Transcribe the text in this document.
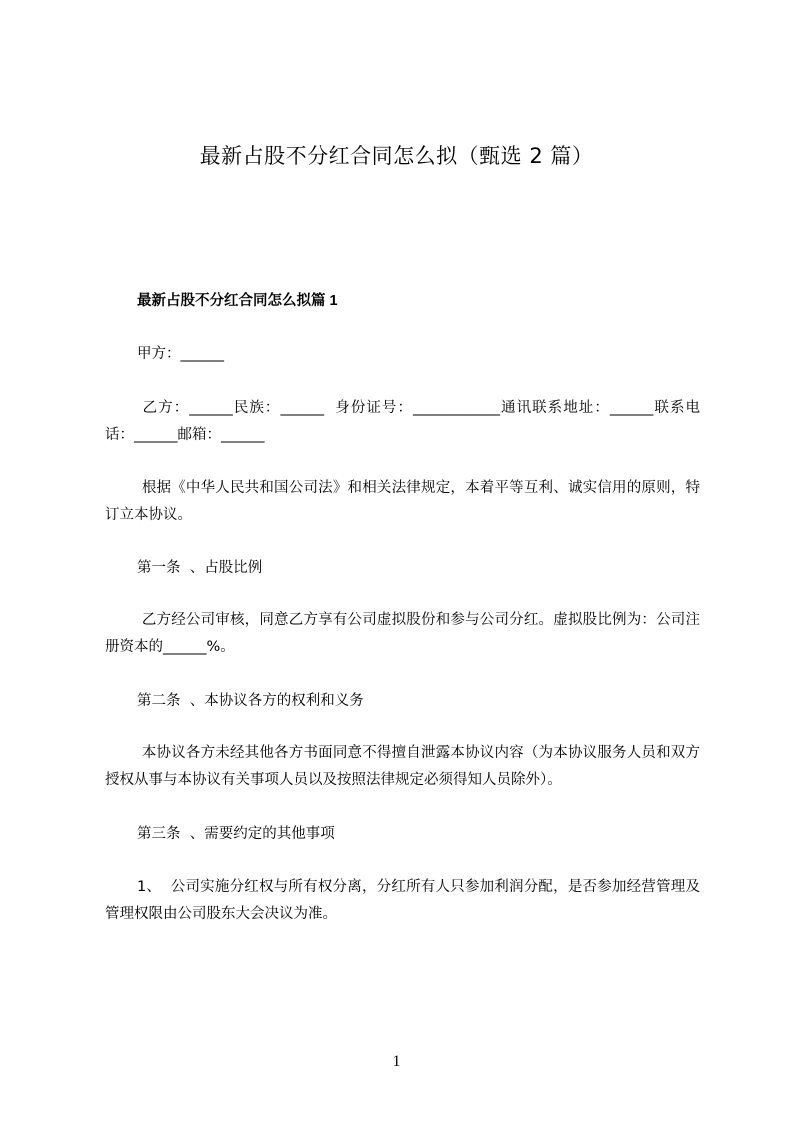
最新占股不分红合同怎么拟（甄选 2 篇）
最新占股不分红合同怎么拟篇 1
甲方：______
乙方：______民族：______  身份证号：____________通讯联系地址：______联系电话：______邮箱：______
根据《中华人民共和国公司法》和相关法律规定，本着平等互利、诚实信用的原则，特订立本协议。
第一条  、占股比例
乙方经公司审核，同意乙方享有公司虚拟股份和参与公司分红。虚拟股比例为：公司注册资本的______%。
第二条  、本协议各方的权利和义务
本协议各方未经其他各方书面同意不得擅自泄露本协议内容（为本协议服务人员和双方授权从事与本协议有关事项人员以及按照法律规定必须得知人员除外）。
第三条  、需要约定的其他事项
1、  公司实施分红权与所有权分离，分红所有人只参加利润分配，是否参加经营管理及管理权限由公司股东大会决议为准。
1
